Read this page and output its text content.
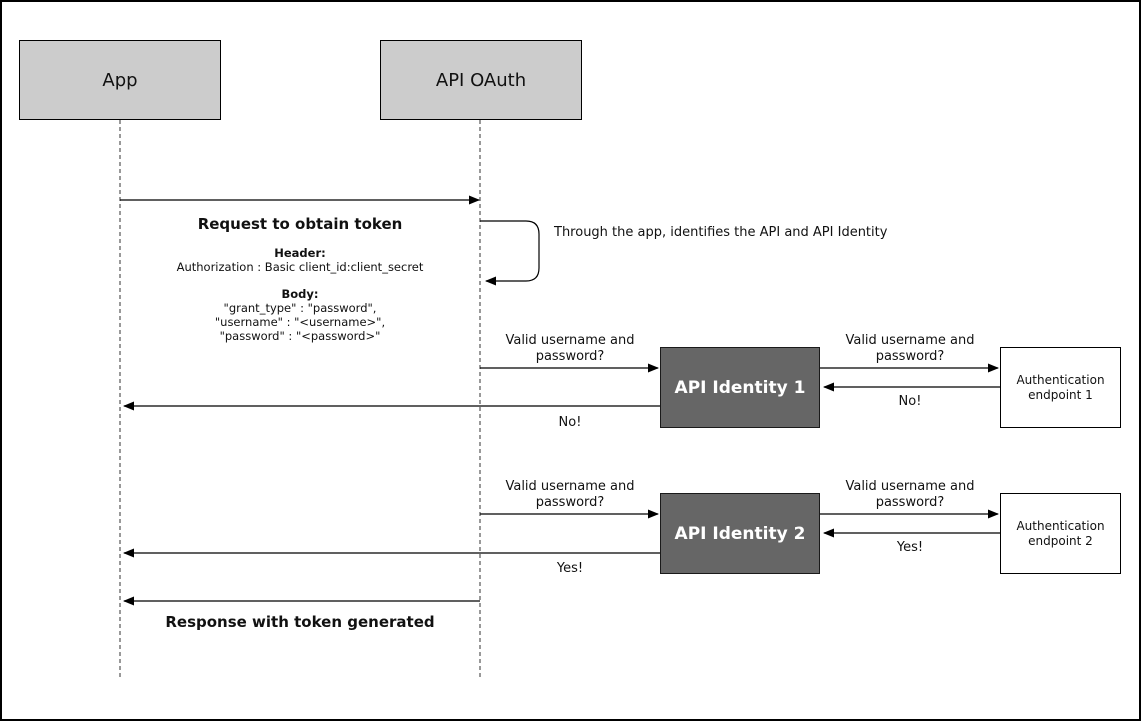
App	API OAuth
Request to obtain token
Header:
Authorization : Basic client_id:client_secret
Body:
"grant_type" : "password",
"username" : "<username>",
"password" : "<password>"
Through the app, identifies the API and API Identity
Valid username and password?
No!
Valid username and password?
No!
Valid username and password?
Yes!
Valid username and password?
Yes!
API Identity 1
API Identity 2
Authentication endpoint 1
Authentication endpoint 2
Response with token generated
